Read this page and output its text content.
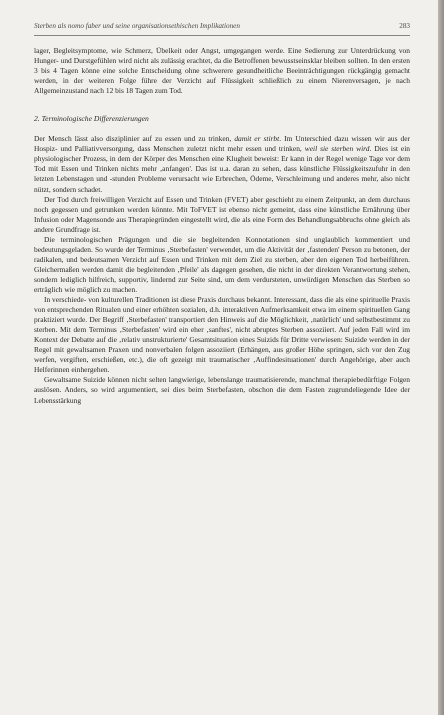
Sterben als nomo faber und seine organisationsethischen Implikationen	283

lager, Begleitsymptome, wie Schmerz, Übelkeit oder Angst, umgegangen werde. Eine Sedierung zur Unterdrückung von Hunger- und Durstgefühlen wird nicht als zulässig erachtet, da die Betroffenen bewusstseinsklar bleiben sollten. In den ersten 3 bis 4 Tagen könne eine solche Entscheidung ohne schwerere gesundheitliche Beeinträchtigungen rückgängig gemacht werden, in der weiteren Folge führe der Verzicht auf Flüssigkeit schließlich zu einem Nierenversagen, je nach Allgemeinzustand nach 12 bis 18 Tagen zum Tod.

2. Terminologische Differenzierungen

Der Mensch lässt also disziplinier auf zu essen und zu trinken, damit er stirbt. Im Unterschied dazu wissen wir aus der Hospiz- und Palliativversorgung, dass Menschen zuletzt nicht mehr essen und trinken, weil sie sterben wird. Dies ist ein physiologischer Prozess, in dem der Körper des Menschen eine Klugheit beweist: Er kann in der Regel wenige Tage vor dem Tod mit Essen und Trinken nichts mehr ‚anfangen'. Das ist u.a. daran zu sehen, dass künstliche Flüssigkeitszufuhr in den letzten Lebenstagen und -stunden Probleme verursacht wie Erbrechen, Ödeme, Verschleimung und anderes mehr, also nicht nützt, sondern schadet.

Der Tod durch freiwilligen Verzicht auf Essen und Trinken (FVET) aber geschieht zu einem Zeitpunkt, an dem durchaus noch gegessen und getrunken werden könnte. Mit ToFVET ist ebenso nicht gemeint, dass eine künstliche Ernährung über Infusion oder Magensonde aus Therapiegründen eingestellt wird, die als eine Form des Behandlungsabbruchs ohne gleich als andere Grundfrage ist.

Die terminologischen Prägungen und die sie begleitenden Konnotationen sind unglaublich kommentiert und bedeutungsgeladen. So wurde der Terminus ‚Sterbefasten' verwendet, um die Aktivität der ‚fastenden' Person zu betonen, der radikalen, und bedeutsamen Verzicht auf Essen und Trinken mit dem Ziel zu sterben, aber den eigenen Tod herbeiführen. Gleichermaßen werden damit die begleitenden ‚Pfeile' als dagegen gesehen, die nicht in der direkten Verantwortung stehen, sondern lediglich hilfreich, supportiv, lindernd zur Seite sind, um dem verdursteten, unwürdigen Menschen das Sterben so erträglich wie möglich zu machen.

In verschiede- von kulturellen Traditionen ist diese Praxis durchaus bekannt. Interessant, dass die als eine spirituelle Praxis von entsprechenden Ritualen und einer erhöhten sozialen, d.h. interaktiven Aufmerksamkeit etwa im einem spirituellen Gang praktiziert wurde. Der Begriff ‚Sterbefasten' transportiert den Hinweis auf die Möglichkeit, ‚natürlich' und selbstbestimmt zu sterben. Mit dem Terminus ‚Sterbefasten' wird ein eher ‚sanftes', nicht abruptes Sterben assoziiert. Auf jeden Fall wird im Kontext der Debatte auf die ‚relativ unstrukturierte' Gesamtsituation eines Suizids für Dritte verwiesen: Suizide werden in der Regel mit gewaltsamen Praxen und nonverbalen folgen assoziiert (Erhängen, aus großer Höhe springen, sich vor den Zug werfen, vergiften, erschießen, etc.), die oft gezeigt mit traumatischer ‚Auffindesituationen' durch Angehörige, aber auch Helferinnen einhergehen.

Gewaltsame Suizide können nicht selten langwierige, lebenslange traumatisierende, manchmal therapiebedürftige Folgen auslösen. Anders, so wird argumentiert, sei dies beim Sterbefasten, obschon die dem Fasten zugrundeliegende Idee der Lebensstärkung
